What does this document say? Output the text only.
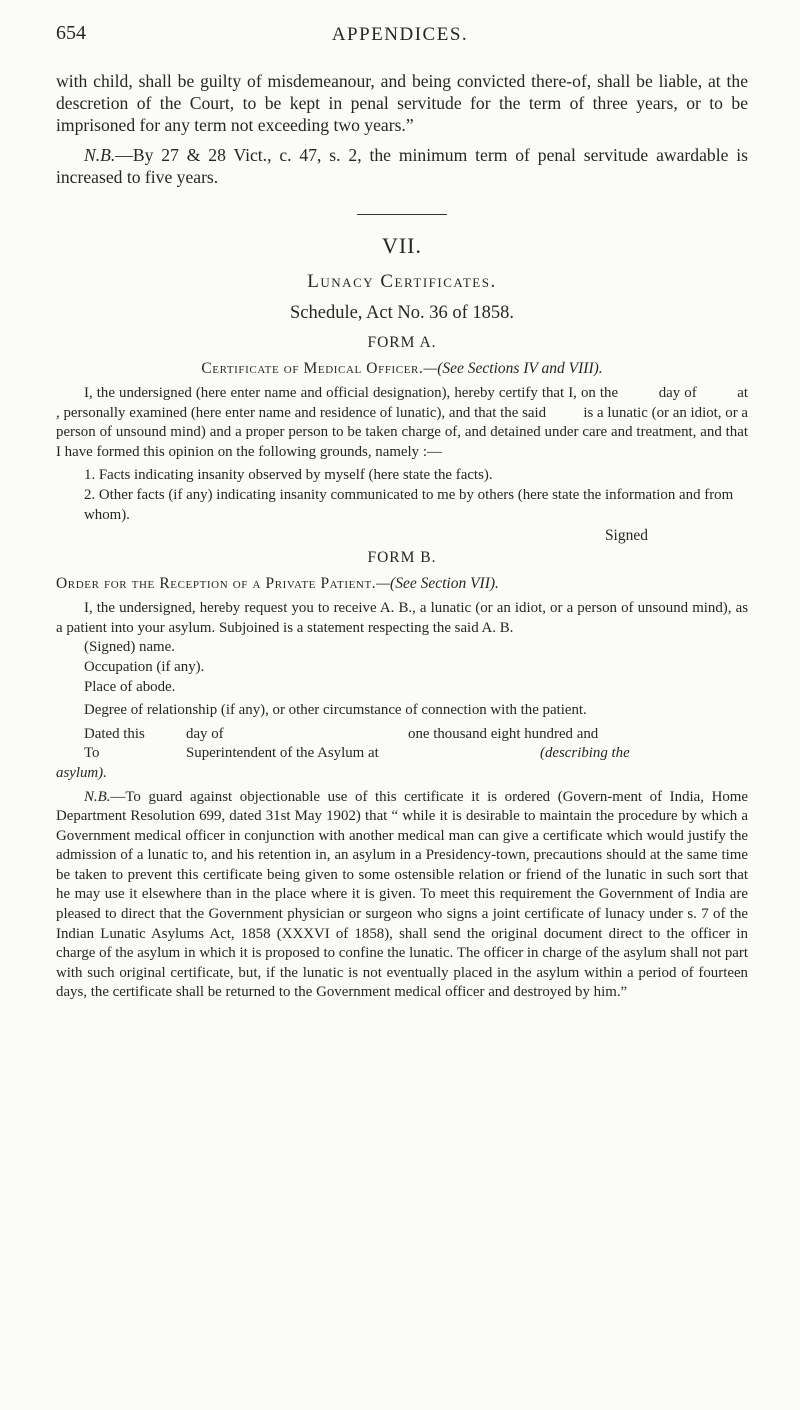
654	APPENDICES.

with child, shall be guilty of misdemeanour, and being convicted there-of, shall be liable, at the descretion of the Court, to be kept in penal servitude for the term of three years, or to be imprisoned for any term not exceeding two years.”

N.B.—By 27 & 28 Vict., c. 47, s. 2, the minimum term of penal servitude awardable is increased to five years.

VII.
Lunacy Certificates.
Schedule, Act No. 36 of 1858.
FORM A.
Certificate of Medical Officer.—(See Sections IV and VIII).

I, the undersigned (here enter name and official designation), hereby certify that I, on the          day of          at          , personally examined (here enter name and residence of lunatic), and that the said          is a lunatic (or an idiot, or a person of unsound mind) and a proper person to be taken charge of, and detained under care and treatment, and that I have formed this opinion on the following grounds, namely :—

1. Facts indicating insanity observed by myself (here state the facts).
2. Other facts (if any) indicating insanity communicated to me by others (here state the information and from whom).
Signed
FORM B.
Order for the Reception of a Private Patient.—(See Section VII).

I, the undersigned, hereby request you to receive A. B., a lunatic (or an idiot, or a person of unsound mind), as a patient into your asylum. Subjoined is a statement respecting the said A. B.

(Signed) name.
Occupation (if any).
Place of abode.

Degree of relationship (if any), or other circumstance of connection with the patient.

Dated this	day of	one thousand eight hundred and
To	Superintendent of the Asylum at	(describing the
asylum).

N.B.—To guard against objectionable use of this certificate it is ordered (Govern-ment of India, Home Department Resolution 699, dated 31st May 1902) that “ while it is desirable to maintain the procedure by which a Government medical officer in conjunction with another medical man can give a certificate which would justify the admission of a lunatic to, and his retention in, an asylum in a Presidency-town, precautions should at the same time be taken to prevent this certificate being given to some ostensible relation or friend of the lunatic in such sort that he may use it elsewhere than in the place where it is given. To meet this requirement the Government of India are pleased to direct that the Government physician or surgeon who signs a joint certificate of lunacy under s. 7 of the Indian Lunatic Asylums Act, 1858 (XXXVI of 1858), shall send the original document direct to the officer in charge of the asylum in which it is proposed to confine the lunatic. The officer in charge of the asylum shall not part with such original certificate, but, if the lunatic is not eventually placed in the asylum within a period of fourteen days, the certificate shall be returned to the Government medical officer and destroyed by him.”
